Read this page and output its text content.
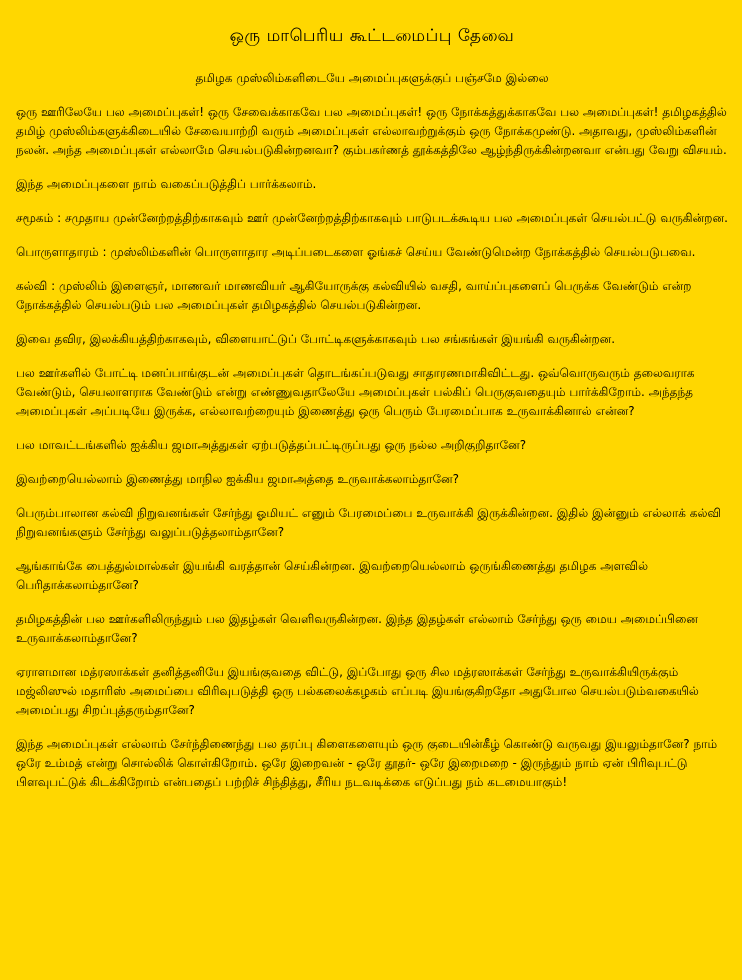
ஒரு மாபெரிய கூட்டமைப்பு தேவை
தமிழக முஸ்லிம்களிடையே அமைப்புகளுக்குப் பஞ்சமே இல்லை

ஒரு ஊரிலேயே பல அமைப்புகள்! ஒரு சேவைக்காகவே பல அமைப்புகள்! ஒரு நோக்கத்துக்காகவே பல அமைப்புகள்! தமிழகத்தில் தமிழ் முஸ்லிம்களுக்கிடையில் சேவையாற்றி வரும் அமைப்புகள் எல்லாவற்றுக்கும் ஒரு நோக்கமுண்டு. அதாவது, முஸ்லிம்களின் நலன். அந்த அமைப்புகள் எல்லாமே செயல்படுகின்றனவா? கும்பகர்ணத் தூக்கத்திலே ஆழ்ந்திருக்கின்றனவா என்பது வேறு விசயம்.

இந்த அமைப்புகளை நாம் வகைப்படுத்திப் பார்க்கலாம்.

சமூகம் : சமுதாய முன்னேற்றத்திற்காகவும் ஊர் முன்னேற்றத்திற்காகவும் பாடுபடக்கூடிய பல அமைப்புகள் செயல்பட்டு வருகின்றன.

பொருளாதாரம் : முஸ்லிம்களின் பொருளாதார அடிப்படைகளை ஓங்கச் செய்ய வேண்டுமென்ற நோக்கத்தில் செயல்படுபவை.

கல்வி : முஸ்லிம் இளைஞர், மாணவர் மாணவியர் ஆகியோருக்கு கல்வியில் வசதி, வாய்ப்புகளைப் பெருக்க வேண்டும் என்ற நோக்கத்தில் செயல்படும் பல அமைப்புகள் தமிழகத்தில் செயல்படுகின்றன.

இவை தவிர, இலக்கியத்திற்காகவும், விளையாட்டுப் போட்டிகளுக்காகவும் பல சங்கங்கள் இயங்கி வருகின்றன.

பல ஊர்களில் போட்டி மனப்பாங்குடன் அமைப்புகள் தொடங்கப்படுவது சாதாரணமாகிவிட்டது. ஒவ்வொருவரும் தலைவராக வேண்டும், செயலாளராக வேண்டும் என்று எண்ணுவதாலேயே அமைப்புகள் பல்கிப் பெருகுவதையும் பார்க்கிறோம். அந்தந்த அமைப்புகள் அப்படியே இருக்க, எல்லாவற்றையும் இணைத்து ஒரு பெரும் பேரமைப்பாக உருவாக்கினால் என்ன?

பல மாவட்டங்களில் ஐக்கிய ஜமாஅத்துகள் ஏற்படுத்தப்பட்டிருப்பது ஒரு நல்ல அறிகுறிதானே?

இவற்றையெல்லாம் இணைத்து மாநில ஐக்கிய ஜமாஅத்தை உருவாக்கலாம்தானே?

பெரும்பாலான கல்வி நிறுவனங்கள் சேர்ந்து ஓமியட் எனும் பேரமைப்பை உருவாக்கி இருக்கின்றன. இதில் இன்னும் எல்லாக் கல்வி நிறுவனங்களும் சேர்ந்து வலுப்படுத்தலாம்தானே?

ஆங்காங்கே பைத்துல்மால்கள் இயங்கி வரத்தான் செய்கின்றன. இவற்றையெல்லாம் ஒருங்கிணைத்து தமிழக அளவில் பெரிதாக்கலாம்தானே?

தமிழகத்தின் பல ஊர்களிலிருந்தும் பல இதழ்கள் வெளிவருகின்றன. இந்த இதழ்கள் எல்லாம் சேர்ந்து ஒரு மைய அமைப்பினை உருவாக்கலாம்தானே?

ஏராளமான மத்ரஸாக்கள் தனித்தனியே இயங்குவதை விட்டு, இப்போது ஒரு சில மத்ரஸாக்கள் சேர்ந்து உருவாக்கியிருக்கும் மஜ்லிஸுல் மதாரிஸ் அமைப்பை விரிவுபடுத்தி ஒரு பல்கலைக்கழகம் எப்படி இயங்குகிறதோ அதுபோல செயல்படும்வகையில் அமைப்பது சிறப்புத்தரும்தானே?

இந்த அமைப்புகள் எல்லாம் சேர்ந்திணைந்து பல தரப்பு கிளைகளையும் ஒரு குடையின்கீழ் கொண்டு வருவது இயலும்தானே? நாம் ஒரே உம்மத் என்று சொல்லிக் கொள்கிறோம். ஒரே இறைவன் - ஒரே தூதர்- ஒரே இறைமறை - இருந்தும் நாம் ஏன் பிரிவுபட்டு பிளவுபட்டுக் கிடக்கிறோம் என்பதைப் பற்றிச் சிந்தித்து, சீரிய நடவடிக்கை எடுப்பது நம் கடமையாகும்!
